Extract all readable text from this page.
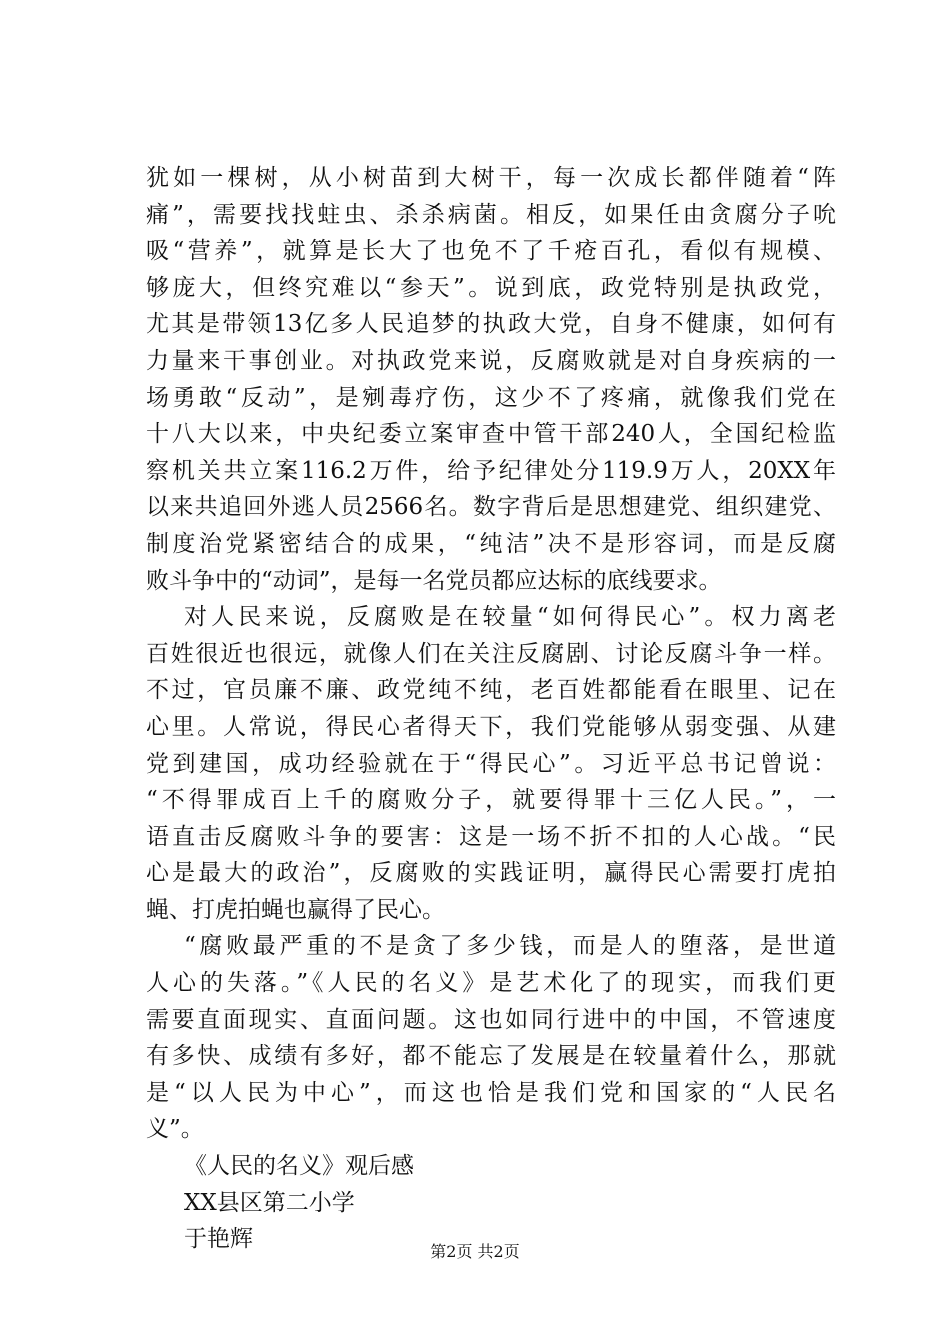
犹如一棵树，从小树苗到大树干，每一次成长都伴随着“阵
痛”，需要找找蛀虫、杀杀病菌。相反，如果任由贪腐分子吮
吸“营养”，就算是长大了也免不了千疮百孔，看似有规模、
够庞大，但终究难以“参天”。说到底，政党特别是执政党，
尤其是带领13亿多人民追梦的执政大党，自身不健康，如何有
力量来干事创业。对执政党来说，反腐败就是对自身疾病的一
场勇敢“反动”，是剜毒疗伤，这少不了疼痛，就像我们党在
十八大以来，中央纪委立案审查中管干部240人，全国纪检监
察机关共立案116.2万件，给予纪律处分119.9万人，20XX年
以来共追回外逃人员2566名。数字背后是思想建党、组织建党、
制度治党紧密结合的成果，“纯洁”决不是形容词，而是反腐
败斗争中的“动词”，是每一名党员都应达标的底线要求。
对人民来说，反腐败是在较量“如何得民心”。权力离老
百姓很近也很远，就像人们在关注反腐剧、讨论反腐斗争一样。
不过，官员廉不廉、政党纯不纯，老百姓都能看在眼里、记在
心里。人常说，得民心者得天下，我们党能够从弱变强、从建
党到建国，成功经验就在于“得民心”。习近平总书记曾说：
“不得罪成百上千的腐败分子，就要得罪十三亿人民。”，一
语直击反腐败斗争的要害：这是一场不折不扣的人心战。“民
心是最大的政治”，反腐败的实践证明，赢得民心需要打虎拍
蝇、打虎拍蝇也赢得了民心。
“腐败最严重的不是贪了多少钱，而是人的堕落，是世道
人心的失落。”《人民的名义》是艺术化了的现实，而我们更
需要直面现实、直面问题。这也如同行进中的中国，不管速度
有多快、成绩有多好，都不能忘了发展是在较量着什么，那就
是“以人民为中心”，而这也恰是我们党和国家的“人民名
义”。
《人民的名义》观后感
XX县区第二小学
于艳辉	第2页 共2页
